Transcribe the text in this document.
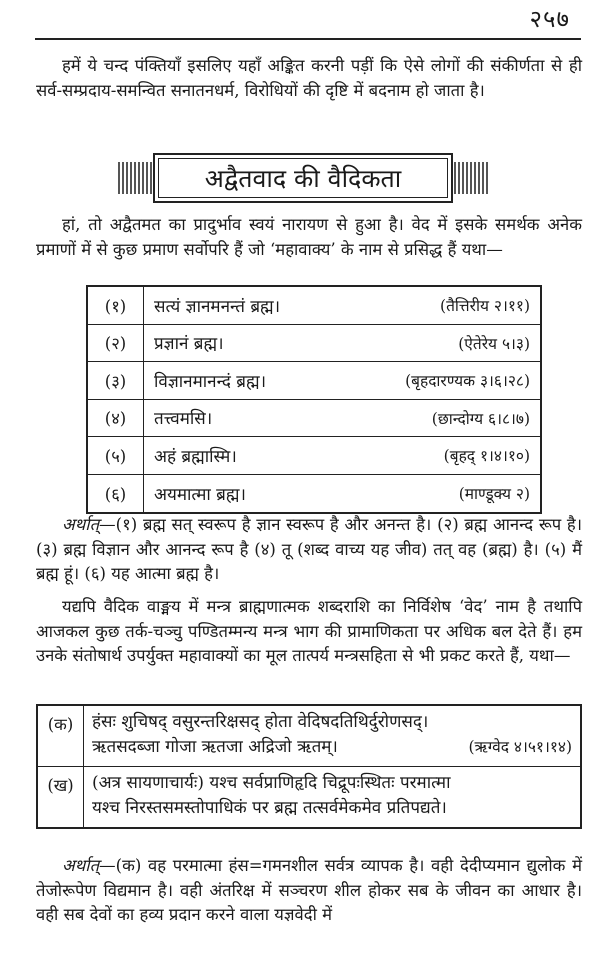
२५७
हमें ये चन्द पंक्तियाँ इसलिए यहाँ अङ्कित करनी पड़ीं कि ऐसे लोगों की संकीर्णता से ही सर्व-सम्प्रदाय-समन्वित सनातनधर्म, विरोधियों की दृष्टि में बदनाम हो जाता है।
अद्वैतवाद की वैदिकता
हां, तो अद्वैतमत का प्रादुर्भाव स्वयं नारायण से हुआ है। वेद में इसके समर्थक अनेक प्रमाणों में से कुछ प्रमाण सर्वोपरि हैं जो ‘महावाक्य’ के नाम से प्रसिद्ध हैं यथा—
(१)	सत्यं ज्ञानमनन्तं ब्रह्म।	(तैत्तिरीय २।११)
(२)	प्रज्ञानं ब्रह्म।	(ऐतेरेय ५।३)
(३)	विज्ञानमानन्दं ब्रह्म।	(बृहदारण्यक ३।६।२८)
(४)	तत्त्वमसि।	(छान्दोग्य ६।८।७)
(५)	अहं ब्रह्मास्मि।	(बृहद् १।४।१०)
(६)	अयमात्मा ब्रह्म।	(माण्डूक्य २)
अर्थात्—(१) ब्रह्म सत् स्वरूप है ज्ञान स्वरूप है और अनन्त है। (२) ब्रह्म आनन्द रूप है। (३) ब्रह्म विज्ञान और आनन्द रूप है (४) तू (शब्द वाच्य यह जीव) तत् वह (ब्रह्म) है। (५) मैं ब्रह्म हूं। (६) यह आत्मा ब्रह्म है।
यद्यपि वैदिक वाङ्मय में मन्त्र ब्राह्मणात्मक शब्दराशि का निर्विशेष ‘वेद’ नाम है तथापि आजकल कुछ तर्क-चञ्चु पण्डितम्मन्य मन्त्र भाग की प्रामाणिकता पर अधिक बल देते हैं। हम उनके संतोषार्थ उपर्युक्त महावाक्यों का मूल तात्पर्य मन्त्रसहिता से भी प्रकट करते हैं, यथा—
(क)	हंसः शुचिषद् वसुरन्तरिक्षसद् होता वेदिषदतिथिर्दुरोणसद्।
ऋतसदब्जा गोजा ऋतजा अद्रिजो ऋतम्।	(ऋग्वेद ४।५१।१४)
(ख)	(अत्र सायणाचार्यः) यश्च सर्वप्राणिहृदि चिद्रूपःस्थितः परमात्मा
यश्च निरस्तसमस्तोपाधिकं पर ब्रह्म तत्सर्वमेकमेव प्रतिपद्यते।
अर्थात्—(क) वह परमात्मा हंस=गमनशील सर्वत्र व्यापक है। वही देदीप्यमान द्युलोक में तेजोरूपेण विद्यमान है। वही अंतरिक्ष में सञ्चरण शील होकर सब के जीवन का आधार है। वही सब देवों का हव्य प्रदान करने वाला यज्ञवेदी में
